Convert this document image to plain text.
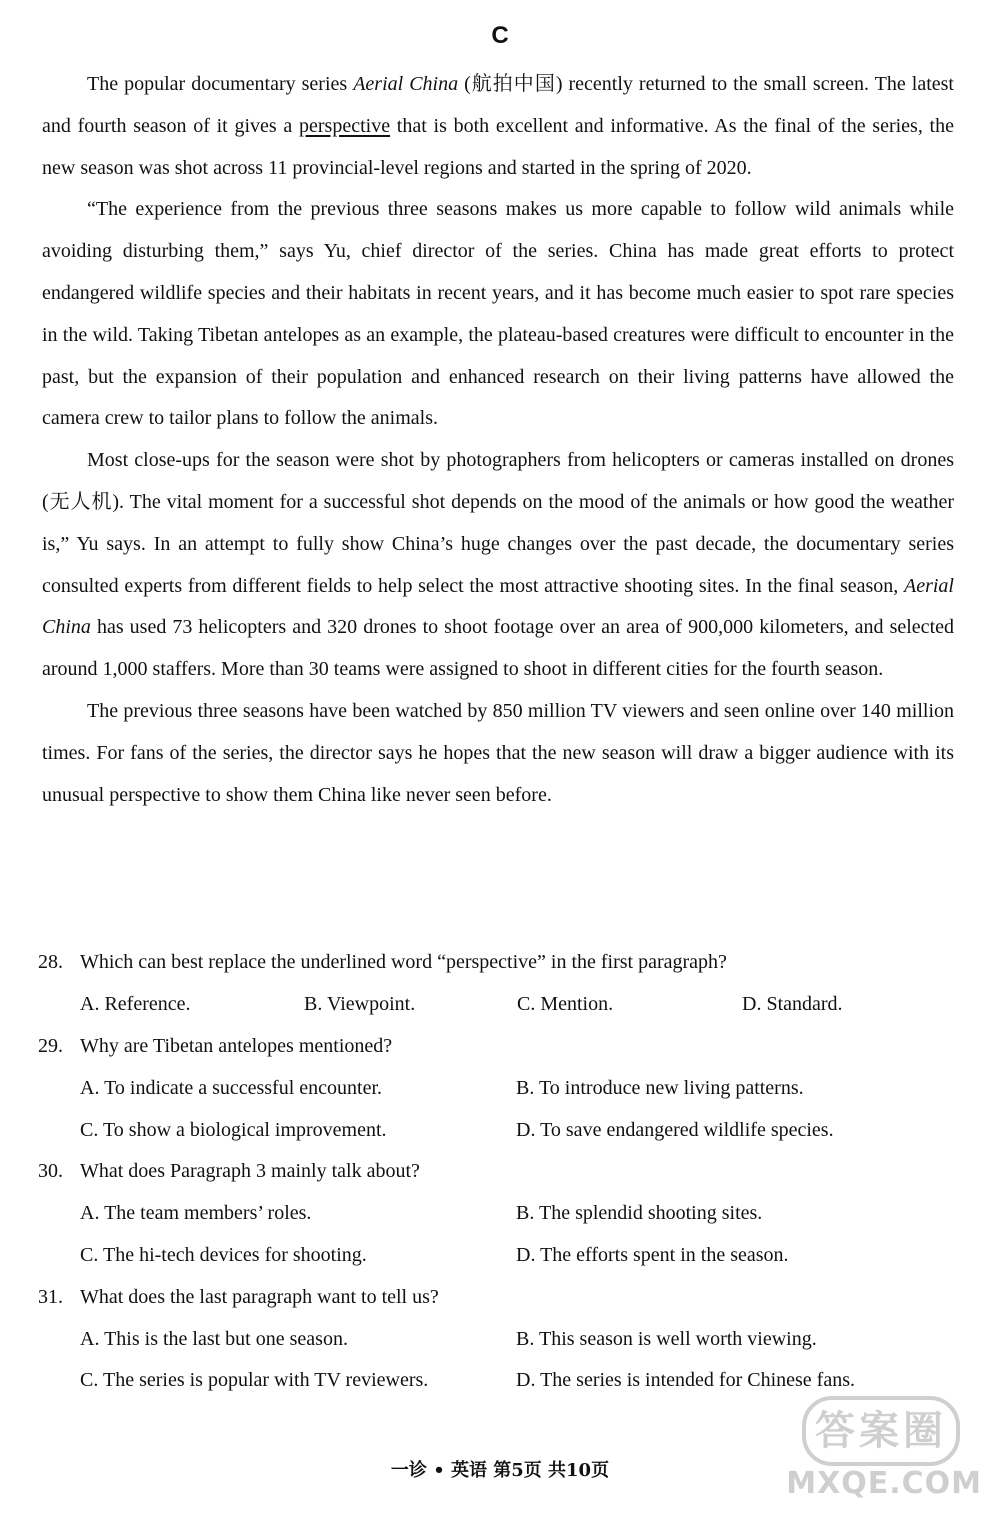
C

The popular documentary series Aerial China (航拍中国) recently returned to the small screen. The latest and fourth season of it gives a perspective that is both excellent and informative. As the final of the series, the new season was shot across 11 provincial-level regions and started in the spring of 2020.

“The experience from the previous three seasons makes us more capable to follow wild animals while avoiding disturbing them,” says Yu, chief director of the series. China has made great efforts to protect endangered wildlife species and their habitats in recent years, and it has become much easier to spot rare species in the wild. Taking Tibetan antelopes as an example, the plateau-based creatures were difficult to encounter in the past, but the expansion of their population and enhanced research on their living patterns have allowed the camera crew to tailor plans to follow the animals.

Most close-ups for the season were shot by photographers from helicopters or cameras installed on drones (无人机). The vital moment for a successful shot depends on the mood of the animals or how good the weather is,” Yu says. In an attempt to fully show China’s huge changes over the past decade, the documentary series consulted experts from different fields to help select the most attractive shooting sites. In the final season, Aerial China has used 73 helicopters and 320 drones to shoot footage over an area of 900,000 kilometers, and selected around 1,000 staffers. More than 30 teams were assigned to shoot in different cities for the fourth season.

The previous three seasons have been watched by 850 million TV viewers and seen online over 140 million times. For fans of the series, the director says he hopes that the new season will draw a bigger audience with its unusual perspective to show them China like never seen before.

28. Which can best replace the underlined word “perspective” in the first paragraph?
A. Reference.	B. Viewpoint.	C. Mention.	D. Standard.
29. Why are Tibetan antelopes mentioned?
A. To indicate a successful encounter.	B. To introduce new living patterns.
C. To show a biological improvement.	D. To save endangered wildlife species.
30. What does Paragraph 3 mainly talk about?
A. The team members’ roles.	B. The splendid shooting sites.
C. The hi-tech devices for shooting.	D. The efforts spent in the season.
31. What does the last paragraph want to tell us?
A. This is the last but one season.	B. This season is well worth viewing.
C. The series is popular with TV reviewers.	D. The series is intended for Chinese fans.
一诊 • 英语 第5页 共10页
答案圈
MXQE.COM
